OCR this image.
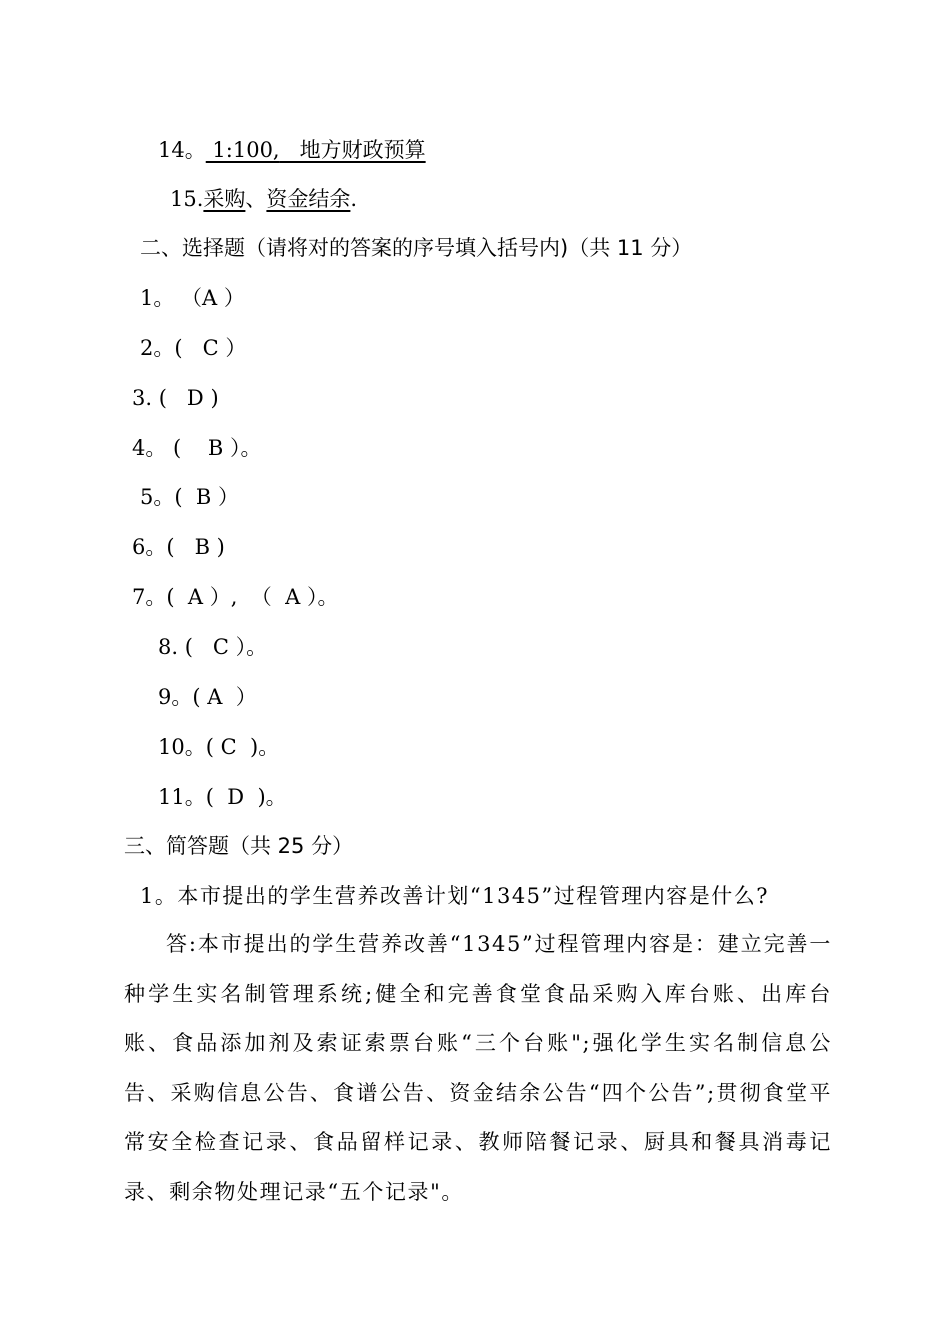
14。 1:100,   地方财政预算
15.采购、资金结余.
二、选择题（请将对的答案的序号填入括号内)（共 11 分）
1。 （A ）
2。(   C ）
3. (   D )
4。 (    B ）。
5。(  B ）
6。(   B )
7。(  A ）,  （  A ）。
8. (   C ）。
9。( A  ）
10。( C  )。
11。(  D  )。
三、简答题（共 25 分）
1。本市提出的学生营养改善计划“1345”过程管理内容是什么?
答:本市提出的学生营养改善“1345”过程管理内容是：建立完善一种学生实名制管理系统;健全和完善食堂食品采购入库台账、出库台账、食品添加剂及索证索票台账“三个台账";强化学生实名制信息公告、采购信息公告、食谱公告、资金结余公告“四个公告”;贯彻食堂平常安全检查记录、食品留样记录、教师陪餐记录、厨具和餐具消毒记录、剩余物处理记录“五个记录"。
